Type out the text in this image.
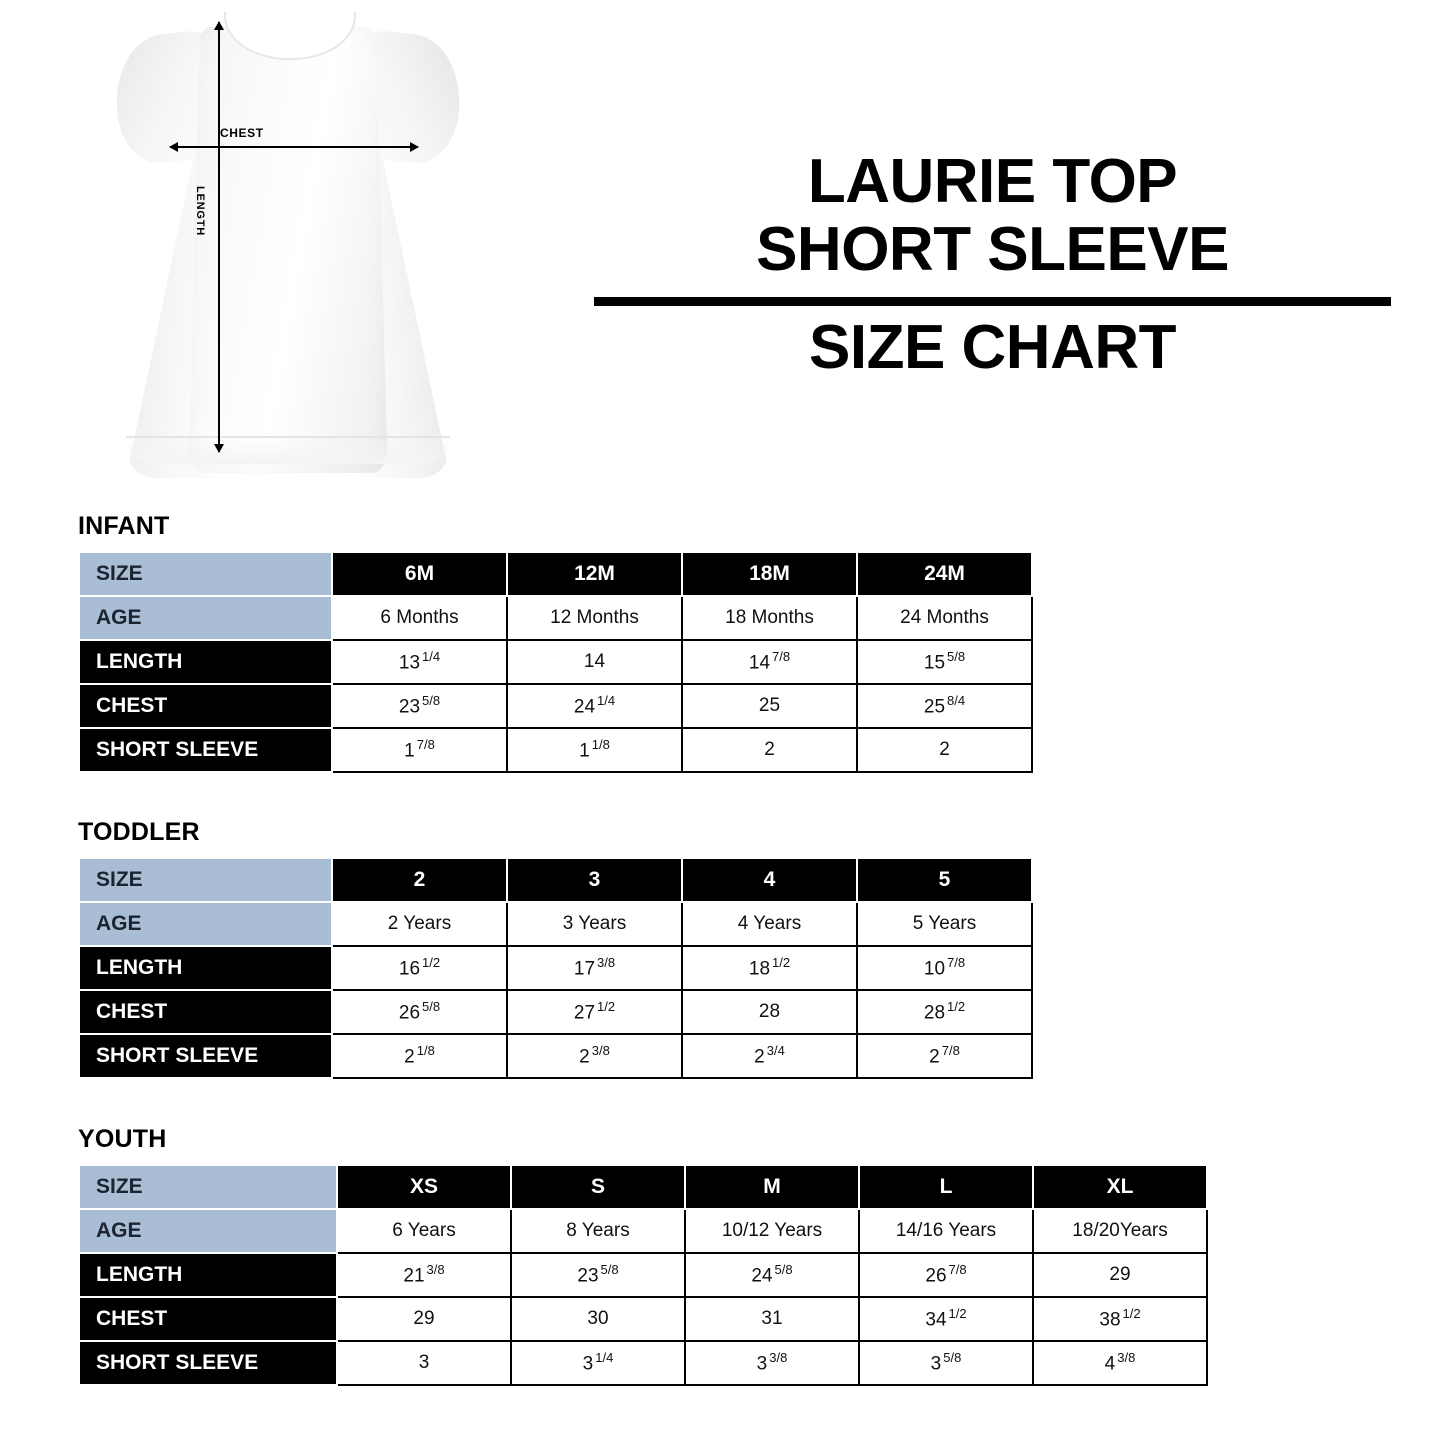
CHEST
LENGTH	LAURIE TOP
SHORT SLEEVE
SIZE CHART
INFANT
SIZE	6M	12M	18M	24M
AGE	6 Months	12 Months	18 Months	24 Months
LENGTH	13 $^{1/4}$	14	14 $^{7/8}$	15 $^{5/8}$
CHEST	23 $^{5/8}$	24 $^{1/4}$	25	25 $^{8/4}$
SHORT SLEEVE	1 $^{7/8}$	1 $^{1/8}$	2	2
TODDLER
SIZE	2	3	4	5
AGE	2 Years	3 Years	4 Years	5 Years
LENGTH	16 $^{1/2}$	17 $^{3/8}$	18 $^{1/2}$	10 $^{7/8}$
CHEST	26 $^{5/8}$	27 $^{1/2}$	28	28 $^{1/2}$
SHORT SLEEVE	2 $^{1/8}$	2 $^{3/8}$	2 $^{3/4}$	2 $^{7/8}$
YOUTH
SIZE	XS	S	M	L	XL
AGE	6 Years	8 Years	10/12 Years	14/16 Years	18/20Years
LENGTH	21 $^{3/8}$	23 $^{5/8}$	24 $^{5/8}$	26 $^{7/8}$	29
CHEST	29	30	31	34 $^{1/2}$	38 $^{1/2}$
SHORT SLEEVE	3	3 $^{1/4}$	3 $^{3/8}$	3 $^{5/8}$	4 $^{3/8}$
